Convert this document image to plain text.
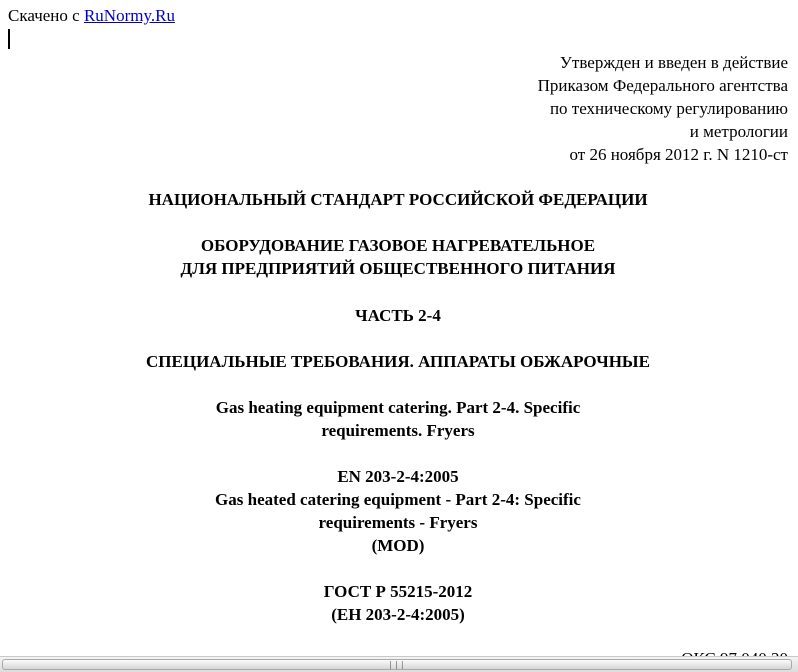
Скачено с RuNormy.Ru
Утвержден и введен в действие
Приказом Федерального агентства
по техническому регулированию
и метрологии
от 26 ноября 2012 г. N 1210-ст
НАЦИОНАЛЬНЫЙ СТАНДАРТ РОССИЙСКОЙ ФЕДЕРАЦИИ
ОБОРУДОВАНИЕ ГАЗОВОЕ НАГРЕВАТЕЛЬНОЕ
ДЛЯ ПРЕДПРИЯТИЙ ОБЩЕСТВЕННОГО ПИТАНИЯ
ЧАСТЬ 2-4
СПЕЦИАЛЬНЫЕ ТРЕБОВАНИЯ. АППАРАТЫ ОБЖАРОЧНЫЕ
Gas heating equipment catering. Part 2-4. Specific
requirements. Fryers
EN 203-2-4:2005
Gas heated catering equipment - Part 2-4: Specific
requirements - Fryers
(MOD)
ГОСТ Р 55215-2012
(ЕН 203-2-4:2005)
|||
